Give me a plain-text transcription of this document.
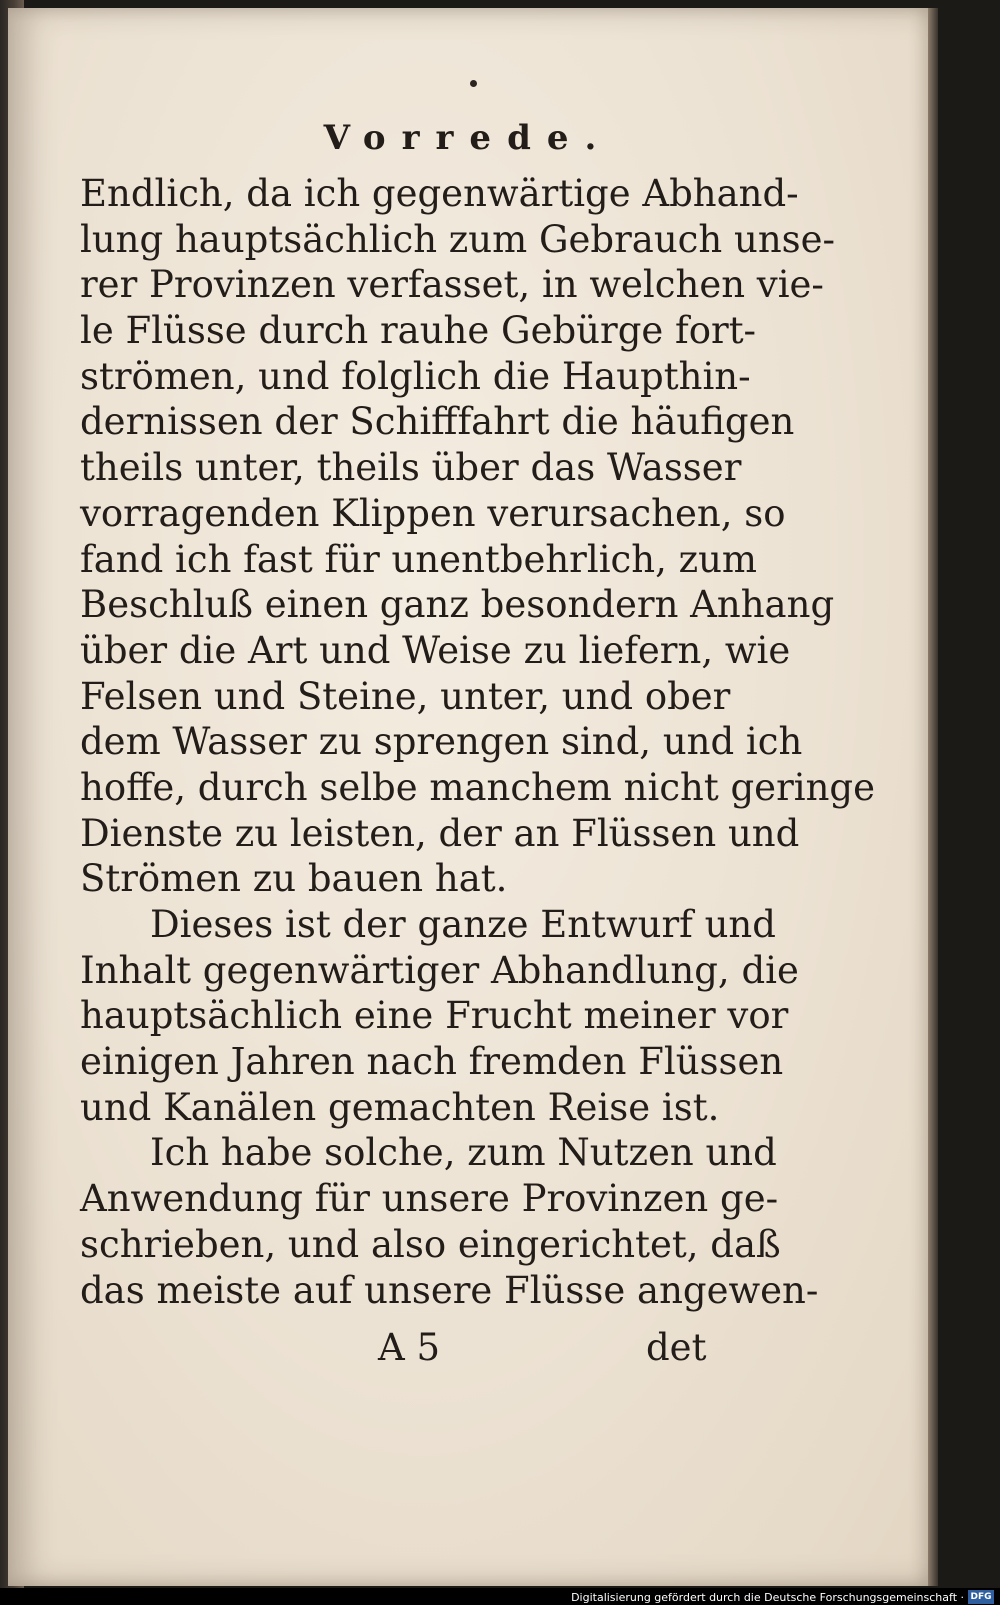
Vorrede.
Endlich, da ich gegenwärtige Abhand-
lung hauptsächlich zum Gebrauch unse-
rer Provinzen verfasset, in welchen vie-
le Flüsse durch rauhe Gebürge fort-
strömen, und folglich die Haupthin-
dernissen der Schifffahrt die häufigen
theils unter, theils über das Wasser
vorragenden Klippen verursachen, so
fand ich fast für unentbehrlich, zum
Beschluß einen ganz besondern Anhang
über die Art und Weise zu liefern, wie
Felsen und Steine, unter, und ober
dem Wasser zu sprengen sind, und ich
hoffe, durch selbe manchem nicht geringe
Dienste zu leisten, der an Flüssen und
Strömen zu bauen hat.
Dieses ist der ganze Entwurf und
Inhalt gegenwärtiger Abhandlung, die
hauptsächlich eine Frucht meiner vor
einigen Jahren nach fremden Flüssen
und Kanälen gemachten Reise ist.
Ich habe solche, zum Nutzen und
Anwendung für unsere Provinzen ge-
schrieben, und also eingerichtet, daß
das meiste auf unsere Flüsse angewen-
A 5	det
Digitalisierung gefördert durch die Deutsche Forschungsgemeinschaft · DFG
